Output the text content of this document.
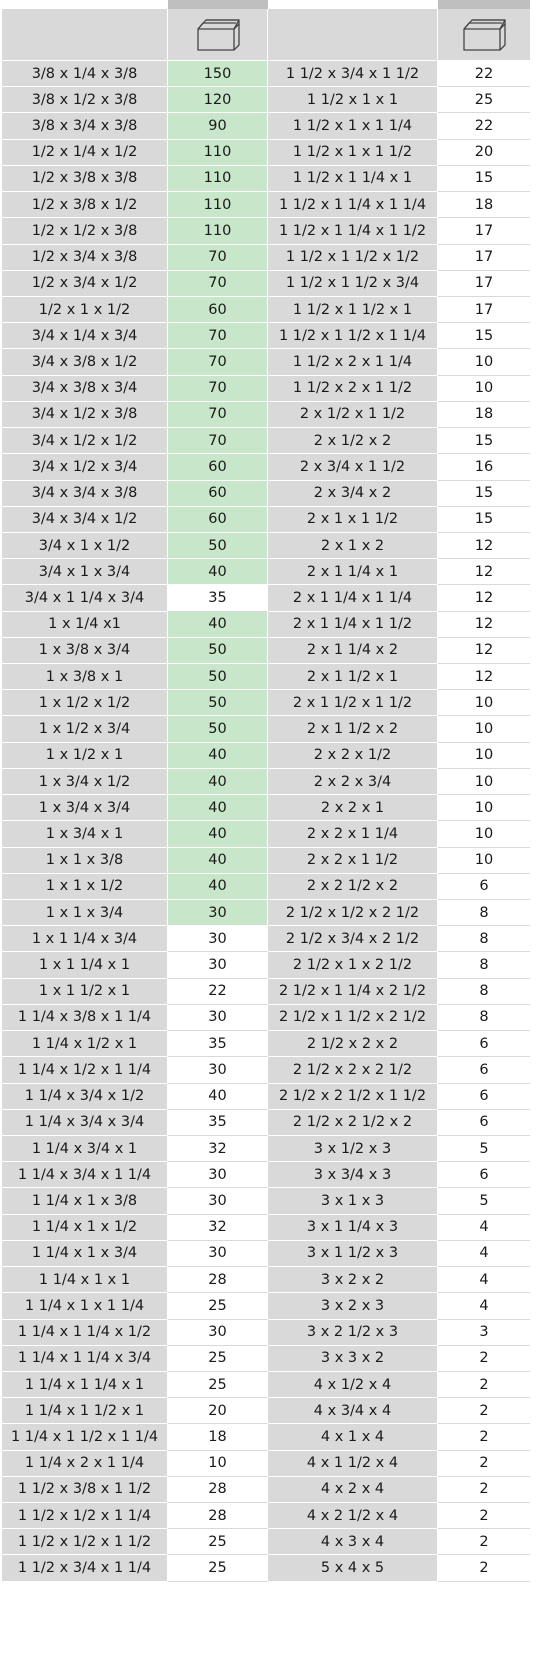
3/8 x 1/4 x 3/8	150	1 1/2 x 3/4 x 1 1/2	22
3/8 x 1/2 x 3/8	120	1 1/2 x 1 x 1	25
3/8 x 3/4 x 3/8	90	1 1/2 x 1 x 1 1/4	22
1/2 x 1/4 x 1/2	110	1 1/2 x 1 x 1 1/2	20
1/2 x 3/8 x 3/8	110	1 1/2 x 1 1/4 x 1	15
1/2 x 3/8 x 1/2	110	1 1/2 x 1 1/4 x 1 1/4	18
1/2 x 1/2 x 3/8	110	1 1/2 x 1 1/4 x 1 1/2	17
1/2 x 3/4 x 3/8	70	1 1/2 x 1 1/2 x 1/2	17
1/2 x 3/4 x 1/2	70	1 1/2 x 1 1/2 x 3/4	17
1/2 x 1 x 1/2	60	1 1/2 x 1 1/2 x 1	17
3/4 x 1/4 x 3/4	70	1 1/2 x 1 1/2 x 1 1/4	15
3/4 x 3/8 x 1/2	70	1 1/2 x 2 x 1 1/4	10
3/4 x 3/8 x 3/4	70	1 1/2 x 2 x 1 1/2	10
3/4 x 1/2 x 3/8	70	2 x 1/2 x 1 1/2	18
3/4 x 1/2 x 1/2	70	2 x 1/2 x 2	15
3/4 x 1/2 x 3/4	60	2 x 3/4 x 1 1/2	16
3/4 x 3/4 x 3/8	60	2 x 3/4 x 2	15
3/4 x 3/4 x 1/2	60	2 x 1 x 1 1/2	15
3/4 x 1 x 1/2	50	2 x 1 x 2	12
3/4 x 1 x 3/4	40	2 x 1 1/4 x 1	12
3/4 x 1 1/4 x 3/4	35	2 x 1 1/4 x 1 1/4	12
1 x 1/4 x1	40	2 x 1 1/4 x 1 1/2	12
1 x 3/8 x 3/4	50	2 x 1 1/4 x 2	12
1 x 3/8 x 1	50	2 x 1 1/2 x 1	12
1 x 1/2 x 1/2	50	2 x 1 1/2 x 1 1/2	10
1 x 1/2 x 3/4	50	2 x 1 1/2 x 2	10
1 x 1/2 x 1	40	2 x 2 x 1/2	10
1 x 3/4 x 1/2	40	2 x 2 x 3/4	10
1 x 3/4 x 3/4	40	2 x 2 x 1	10
1 x 3/4 x 1	40	2 x 2 x 1 1/4	10
1 x 1 x 3/8	40	2 x 2 x 1 1/2	10
1 x 1 x 1/2	40	2 x 2 1/2 x 2	6
1 x 1 x 3/4	30	2 1/2 x 1/2 x 2 1/2	8
1 x 1 1/4 x 3/4	30	2 1/2 x 3/4 x 2 1/2	8
1 x 1 1/4 x 1	30	2 1/2 x 1 x 2 1/2	8
1 x 1 1/2 x 1	22	2 1/2 x 1 1/4 x 2 1/2	8
1 1/4 x 3/8 x 1 1/4	30	2 1/2 x 1 1/2 x 2 1/2	8
1 1/4 x 1/2 x 1	35	2 1/2 x 2 x 2	6
1 1/4 x 1/2 x 1 1/4	30	2 1/2 x 2 x 2 1/2	6
1 1/4 x 3/4 x 1/2	40	2 1/2 x 2 1/2 x 1 1/2	6
1 1/4 x 3/4 x 3/4	35	2 1/2 x 2 1/2 x 2	6
1 1/4 x 3/4 x 1	32	3 x 1/2 x 3	5
1 1/4 x 3/4 x 1 1/4	30	3 x 3/4 x 3	6
1 1/4 x 1 x 3/8	30	3 x 1 x 3	5
1 1/4 x 1 x 1/2	32	3 x 1 1/4 x 3	4
1 1/4 x 1 x 3/4	30	3 x 1 1/2 x 3	4
1 1/4 x 1 x 1	28	3 x 2 x 2	4
1 1/4 x 1 x 1 1/4	25	3 x 2 x 3	4
1 1/4 x 1 1/4 x 1/2	30	3 x 2 1/2 x 3	3
1 1/4 x 1 1/4 x 3/4	25	3 x 3 x 2	2
1 1/4 x 1 1/4 x 1	25	4 x 1/2 x 4	2
1 1/4 x 1 1/2 x 1	20	4 x 3/4 x 4	2
1 1/4 x 1 1/2 x 1 1/4	18	4 x 1 x 4	2
1 1/4 x 2 x 1 1/4	10	4 x 1 1/2 x 4	2
1 1/2 x 3/8 x 1 1/2	28	4 x 2 x 4	2
1 1/2 x 1/2 x 1 1/4	28	4 x 2 1/2 x 4	2
1 1/2 x 1/2 x 1 1/2	25	4 x 3 x 4	2
1 1/2 x 3/4 x 1 1/4	25	5 x 4 x 5	2
